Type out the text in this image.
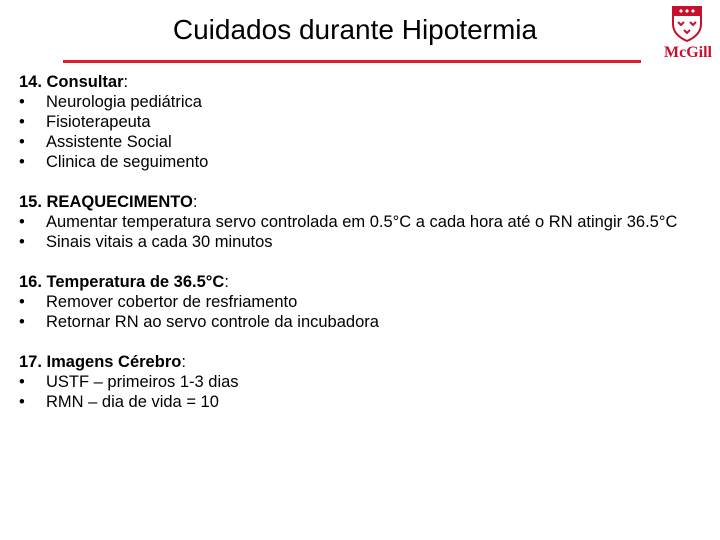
Cuidados durante Hipotermia
McGill
14. Consultar:
• Neurologia pediátrica
• Fisioterapeuta
• Assistente Social
• Clinica de seguimento
15. REAQUECIMENTO:
• Aumentar temperatura servo controlada em 0.5°C a cada hora até o RN atingir 36.5°C
• Sinais vitais a cada 30 minutos
16. Temperatura de 36.5°C:
• Remover cobertor de resfriamento
• Retornar RN ao servo controle da incubadora
17. Imagens Cérebro:
• USTF – primeiros 1-3 dias
• RMN – dia de vida = 10
